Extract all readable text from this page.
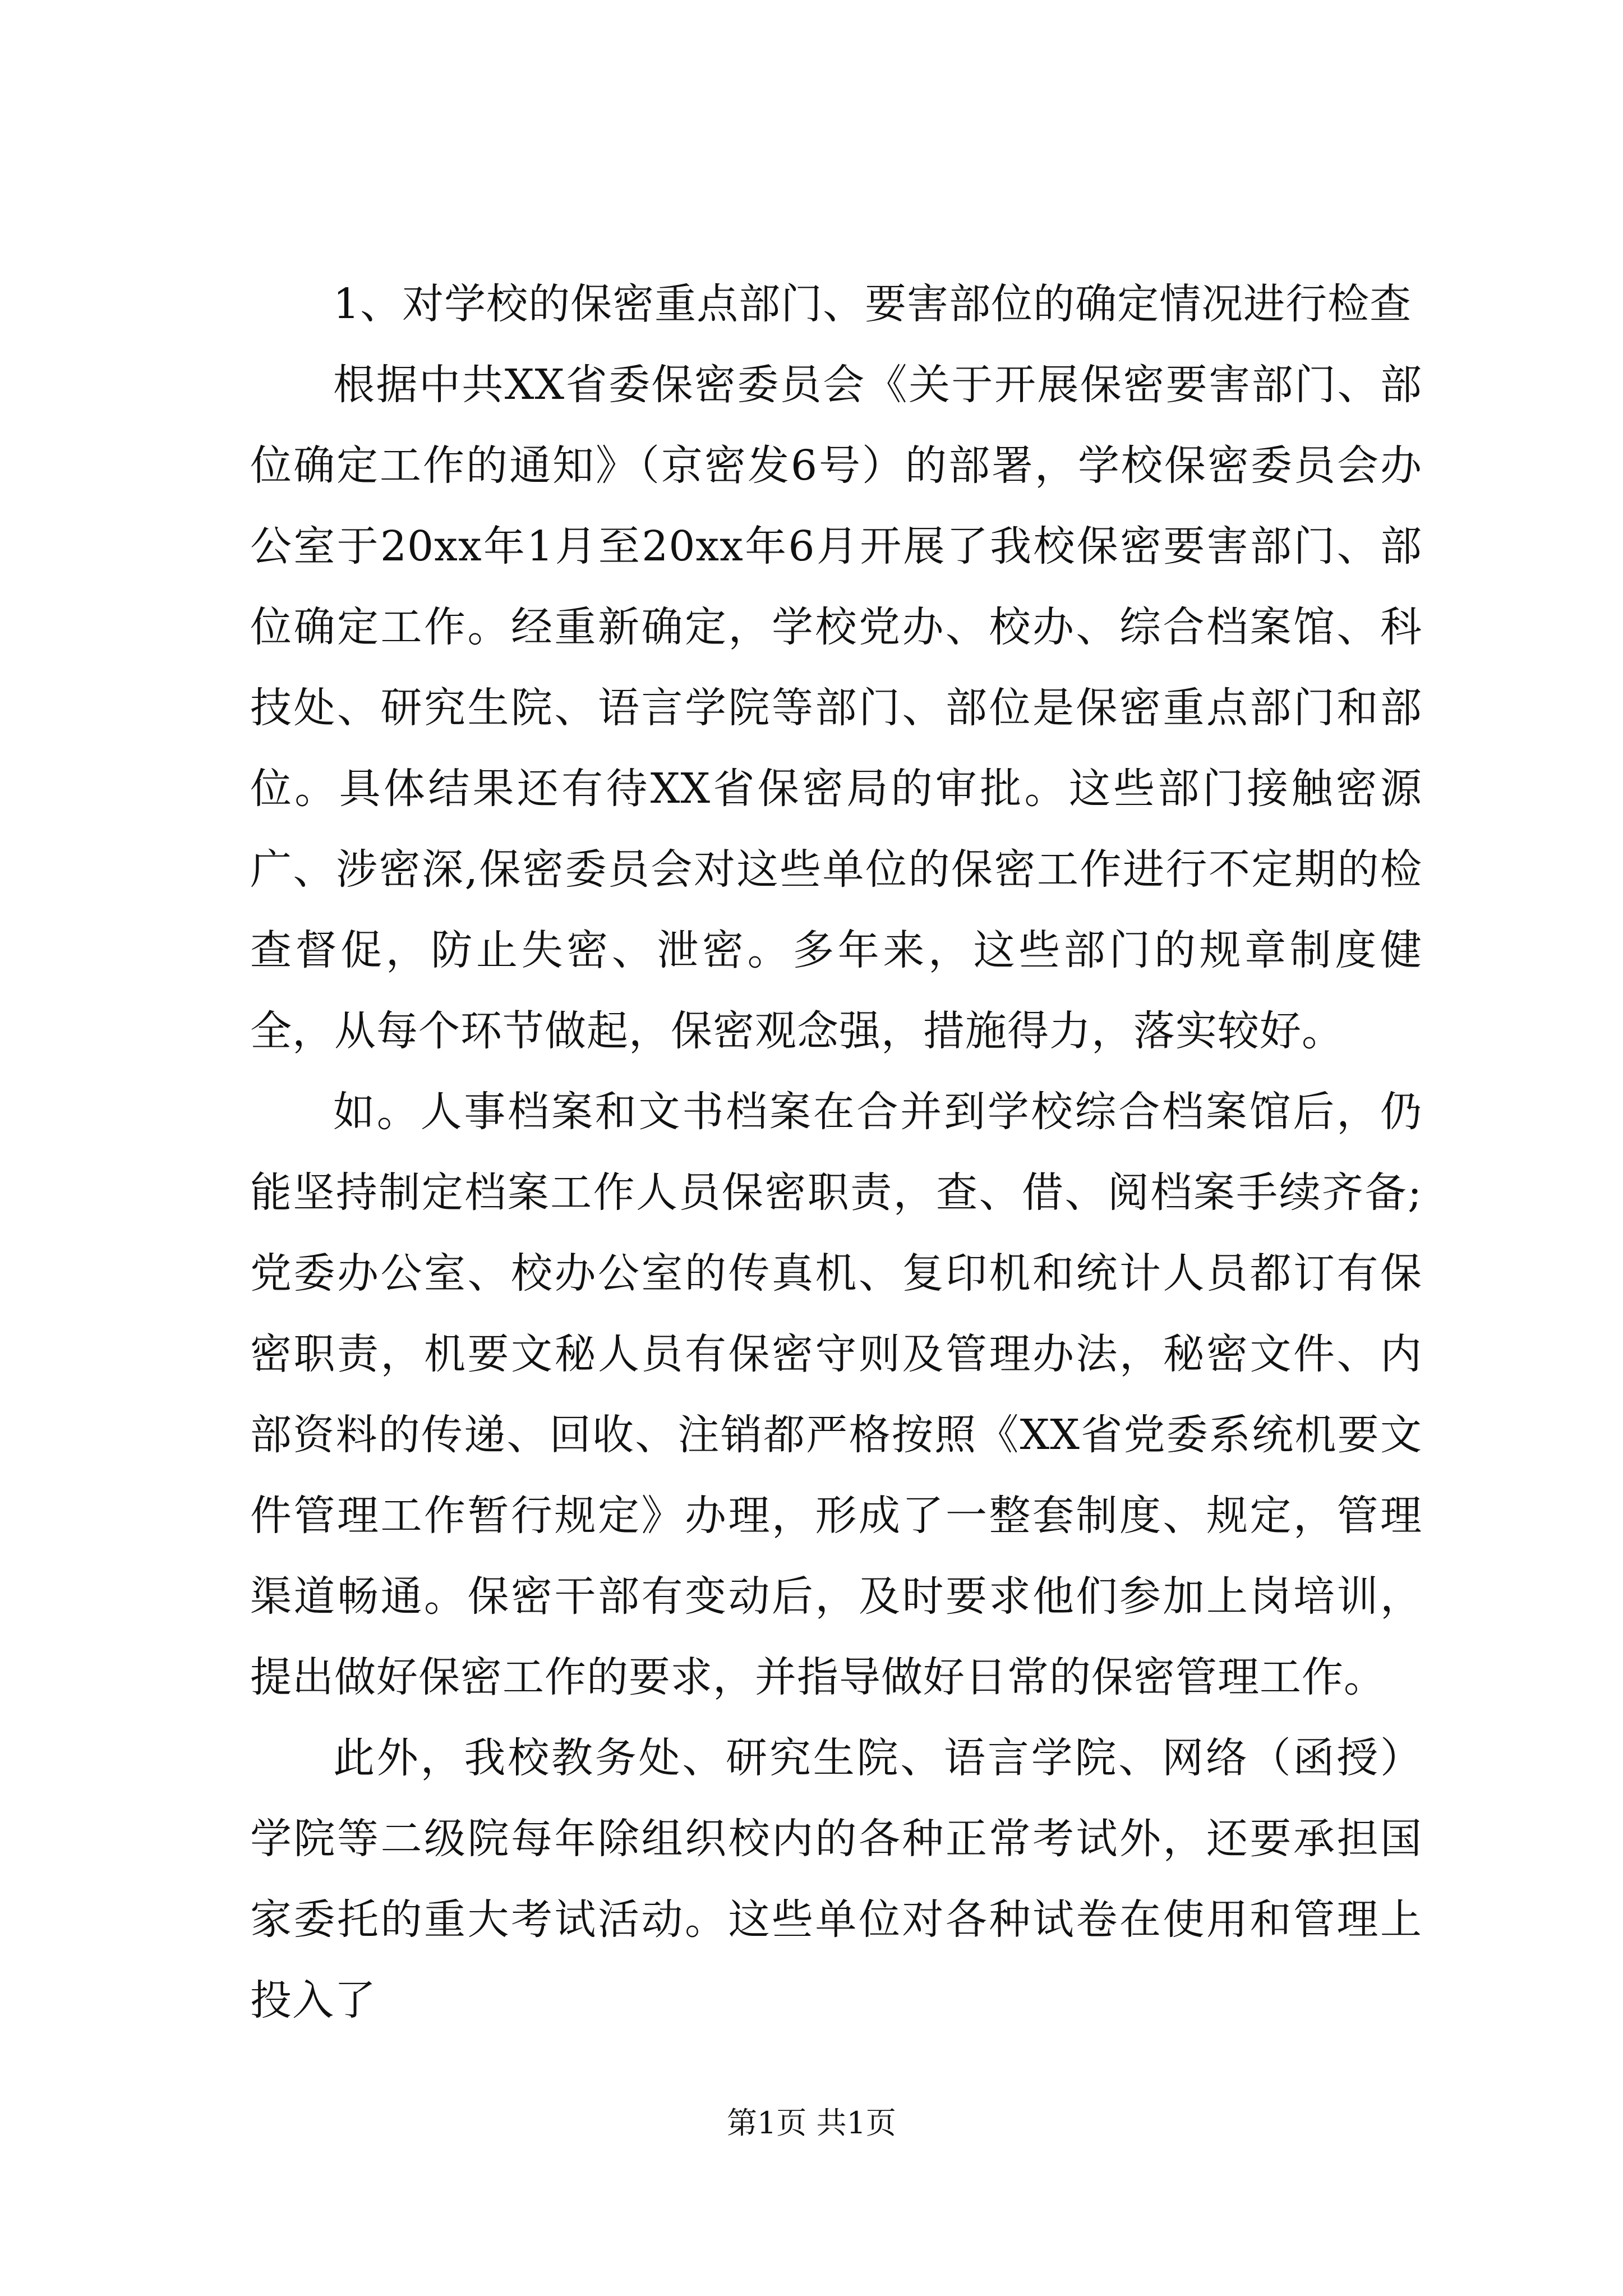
1、对学校的保密重点部门、要害部位的确定情况进行检查

根据中共XX省委保密委员会《关于开展保密要害部门、部位确定工作的通知》（京密发6号）的部署，学校保密委员会办公室于20xx年1月至20xx年6月开展了我校保密要害部门、部位确定工作。经重新确定，学校党办、校办、综合档案馆、科技处、研究生院、语言学院等部门、部位是保密重点部门和部位。具体结果还有待XX省保密局的审批。这些部门接触密源广、涉密深,保密委员会对这些单位的保密工作进行不定期的检查督促，防止失密、泄密。多年来，这些部门的规章制度健全，从每个环节做起，保密观念强，措施得力，落实较好。

如。人事档案和文书档案在合并到学校综合档案馆后，仍能坚持制定档案工作人员保密职责，查、借、阅档案手续齐备;党委办公室、校办公室的传真机、复印机和统计人员都订有保密职责，机要文秘人员有保密守则及管理办法，秘密文件、内部资料的传递、回收、注销都严格按照《XX省党委系统机要文件管理工作暂行规定》办理，形成了一整套制度、规定，管理渠道畅通。保密干部有变动后，及时要求他们参加上岗培训，提出做好保密工作的要求，并指导做好日常的保密管理工作。

此外，我校教务处、研究生院、语言学院、网络（函授）学院等二级院每年除组织校内的各种正常考试外，还要承担国家委托的重大考试活动。这些单位对各种试卷在使用和管理上投入了

第1页 共1页
